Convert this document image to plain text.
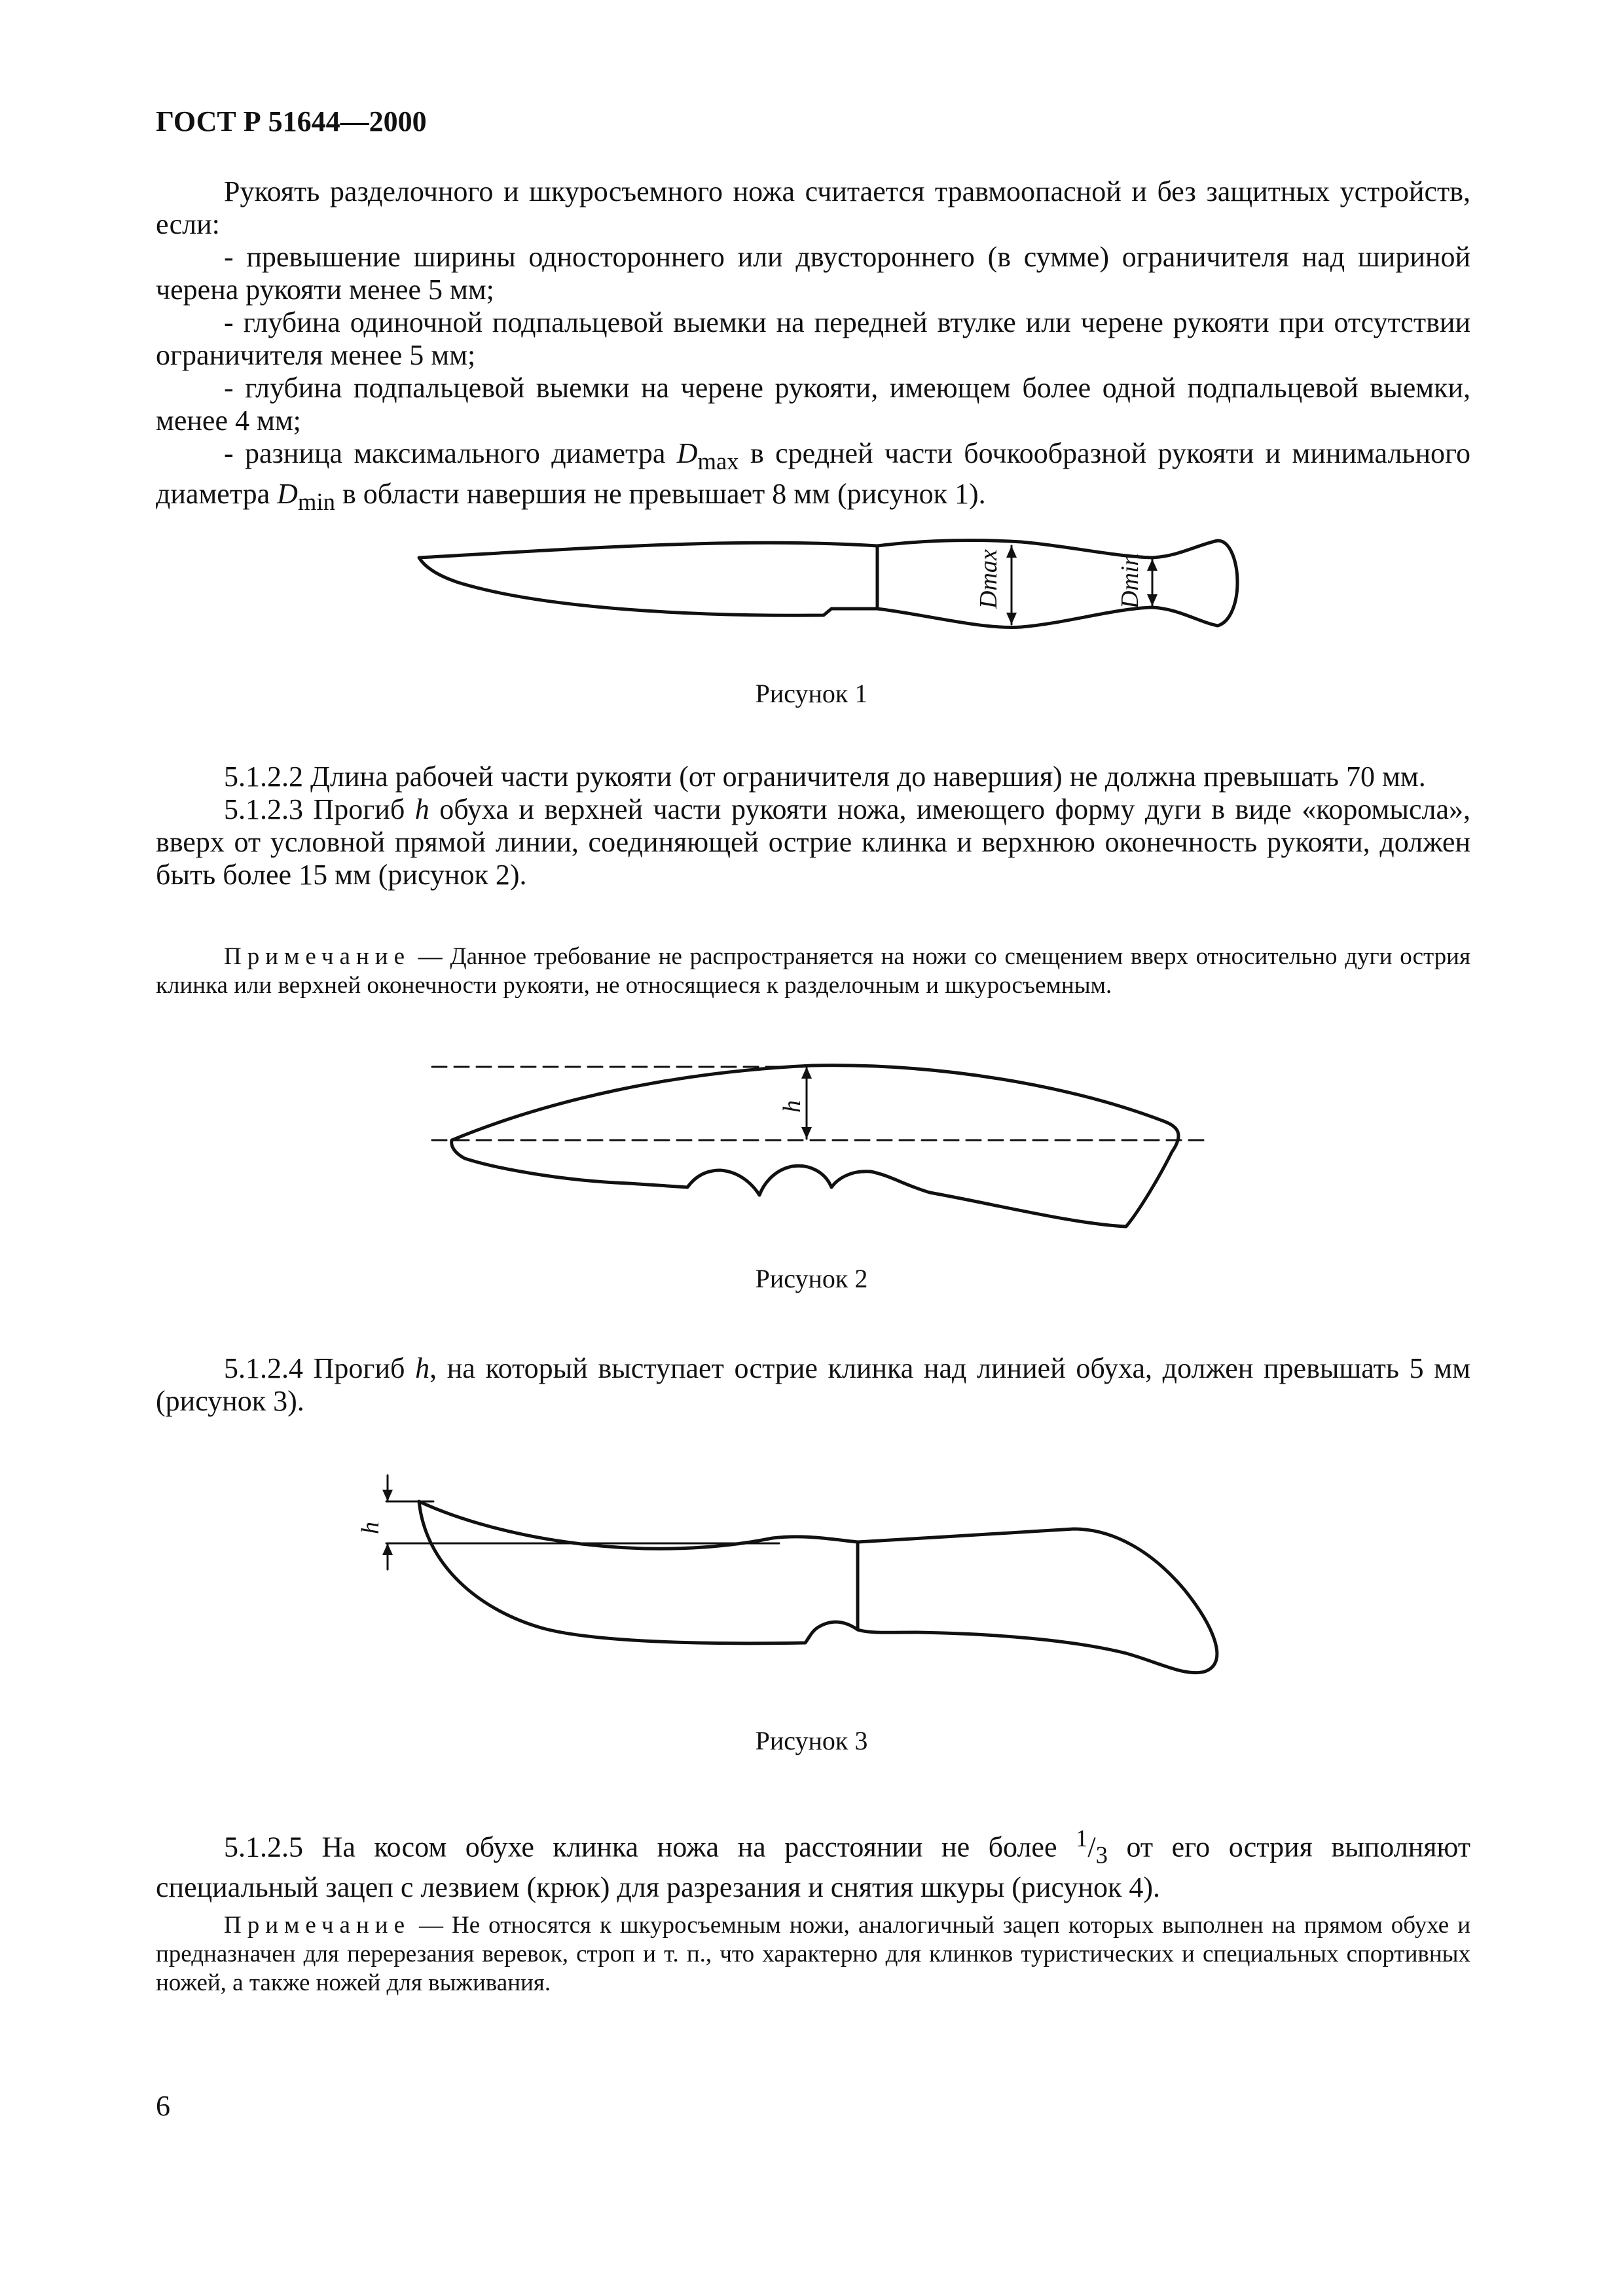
ГОСТ Р 51644—2000

Рукоять разделочного и шкуросъемного ножа считается травмоопасной и без защитных устройств, если:

- превышение ширины одностороннего или двустороннего (в сумме) ограничителя над шириной черена рукояти менее 5 мм;

- глубина одиночной подпальцевой выемки на передней втулке или черене рукояти при отсутствии ограничителя менее 5 мм;

- глубина подпальцевой выемки на черене рукояти, имеющем более одной подпальцевой выемки, менее 4 мм;

- разница максимального диаметра $D_{max}$ в средней части бочкообразной рукояти и минимального диаметра $D_{min}$ в области навершия не превышает 8 мм (рисунок 1).

Dmax	Dmin
Рисунок 1

5.1.2.2 Длина рабочей части рукояти (от ограничителя до навершия) не должна превышать 70 мм.

5.1.2.3 Прогиб h обуха и верхней части рукояти ножа, имеющего форму дуги в виде «коромысла», вверх от условной прямой линии, соединяющей острие клинка и верхнюю оконечность рукояти, должен быть более 15 мм (рисунок 2).

Примечание — Данное требование не распространяется на ножи со смещением вверх относительно дуги острия клинка или верхней оконечности рукояти, не относящиеся к разделочным и шкуросъемным.

h
Рисунок 2

5.1.2.4 Прогиб h, на который выступает острие клинка над линией обуха, должен превышать 5 мм (рисунок 3).

h
Рисунок 3

5.1.2.5 На косом обухе клинка ножа на расстоянии не более $^1/_3$ от его острия выполняют специальный зацеп с лезвием (крюк) для разрезания и снятия шкуры (рисунок 4).

Примечание — Не относятся к шкуросъемным ножи, аналогичный зацеп которых выполнен на прямом обухе и предназначен для перерезания веревок, строп и т. п., что характерно для клинков туристических и специальных спортивных ножей, а также ножей для выживания.

6
